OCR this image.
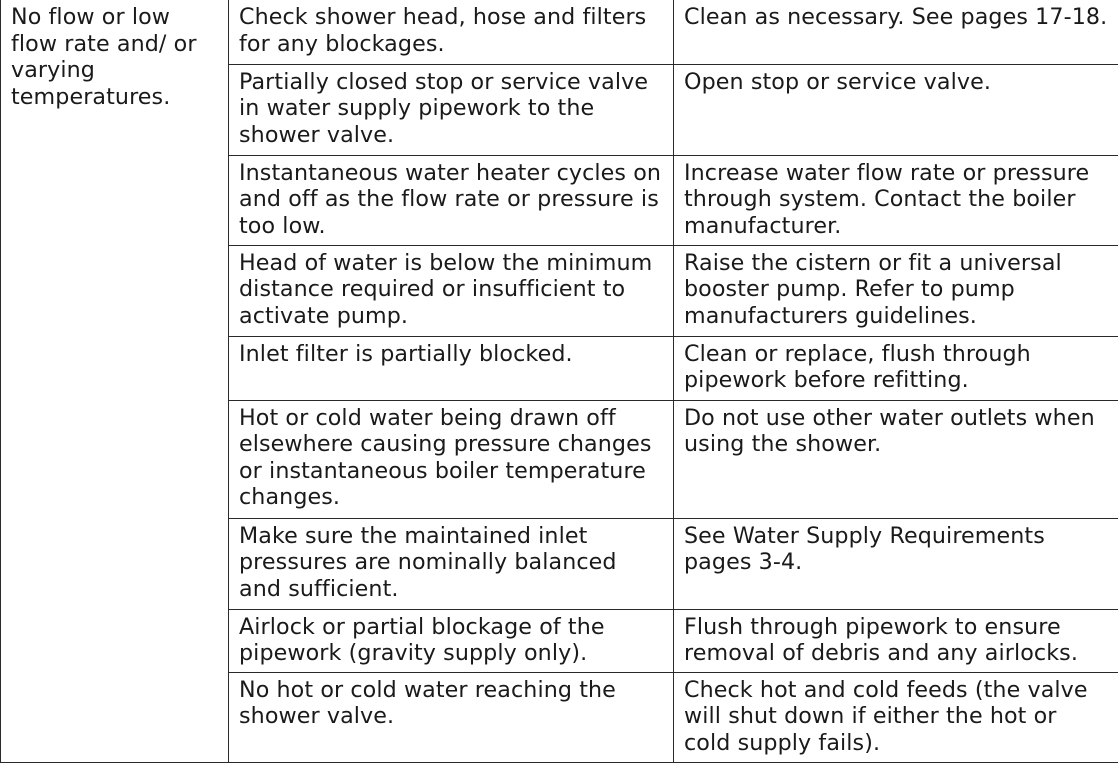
No flow or low flow rate and/ or varying temperatures.	Check shower head, hose and filters for any blockages.	Clean as necessary. See pages 17-18.
	Partially closed stop or service valve in water supply pipework to the shower valve.	Open stop or service valve.
	Instantaneous water heater cycles on and off as the flow rate or pressure is too low.	Increase water flow rate or pressure through system. Contact the boiler manufacturer.
	Head of water is below the minimum distance required or insufficient to activate pump.	Raise the cistern or fit a universal booster pump. Refer to pump manufacturers guidelines.
	Inlet filter is partially blocked.	Clean or replace, flush through pipework before refitting.
	Hot or cold water being drawn off elsewhere causing pressure changes or instantaneous boiler temperature changes.	Do not use other water outlets when using the shower.
	Make sure the maintained inlet pressures are nominally balanced and sufficient.	See Water Supply Requirements pages 3-4.
	Airlock or partial blockage of the pipework (gravity supply only).	Flush through pipework to ensure removal of debris and any airlocks.
	No hot or cold water reaching the shower valve.	Check hot and cold feeds (the valve will shut down if either the hot or cold supply fails).
